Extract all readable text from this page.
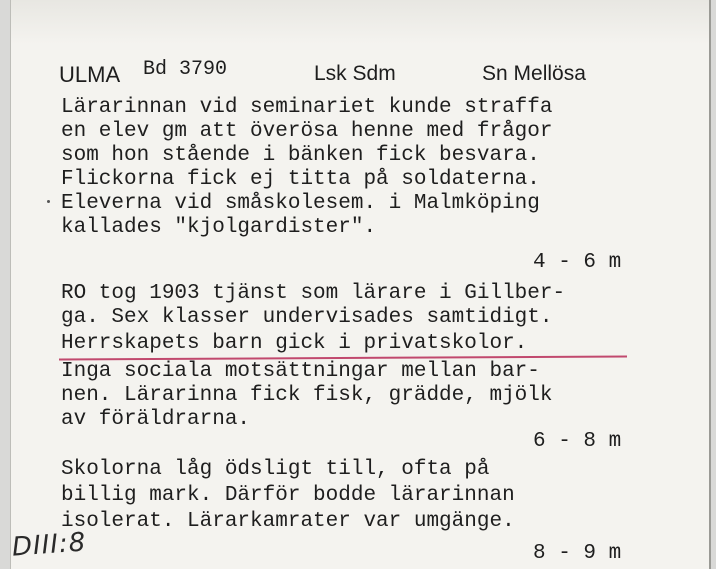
ULMA Bd 3790	Lsk Sdm	Sn Mellösa
Lärarinnan vid seminariet kunde straffa
en elev gm att överösa henne med frågor
som hon stående i bänken fick besvara.
Flickorna fick ej titta på soldaterna.
Eleverna vid småskolesem. i Malmköping
kallades "kjolgardister".
4 - 6 m
RO tog 1903 tjänst som lärare i Gillber-
ga. Sex klasser undervisades samtidigt.
Herrskapets barn gick i privatskolor.
Inga sociala motsättningar mellan bar-
nen. Lärarinna fick fisk, grädde, mjölk
av föräldrarna.
6 - 8 m
Skolorna låg ödsligt till, ofta på
billig mark. Därför bodde lärarinnan
isolerat. Lärarkamrater var umgänge.
8 - 9 m
DIII:8
